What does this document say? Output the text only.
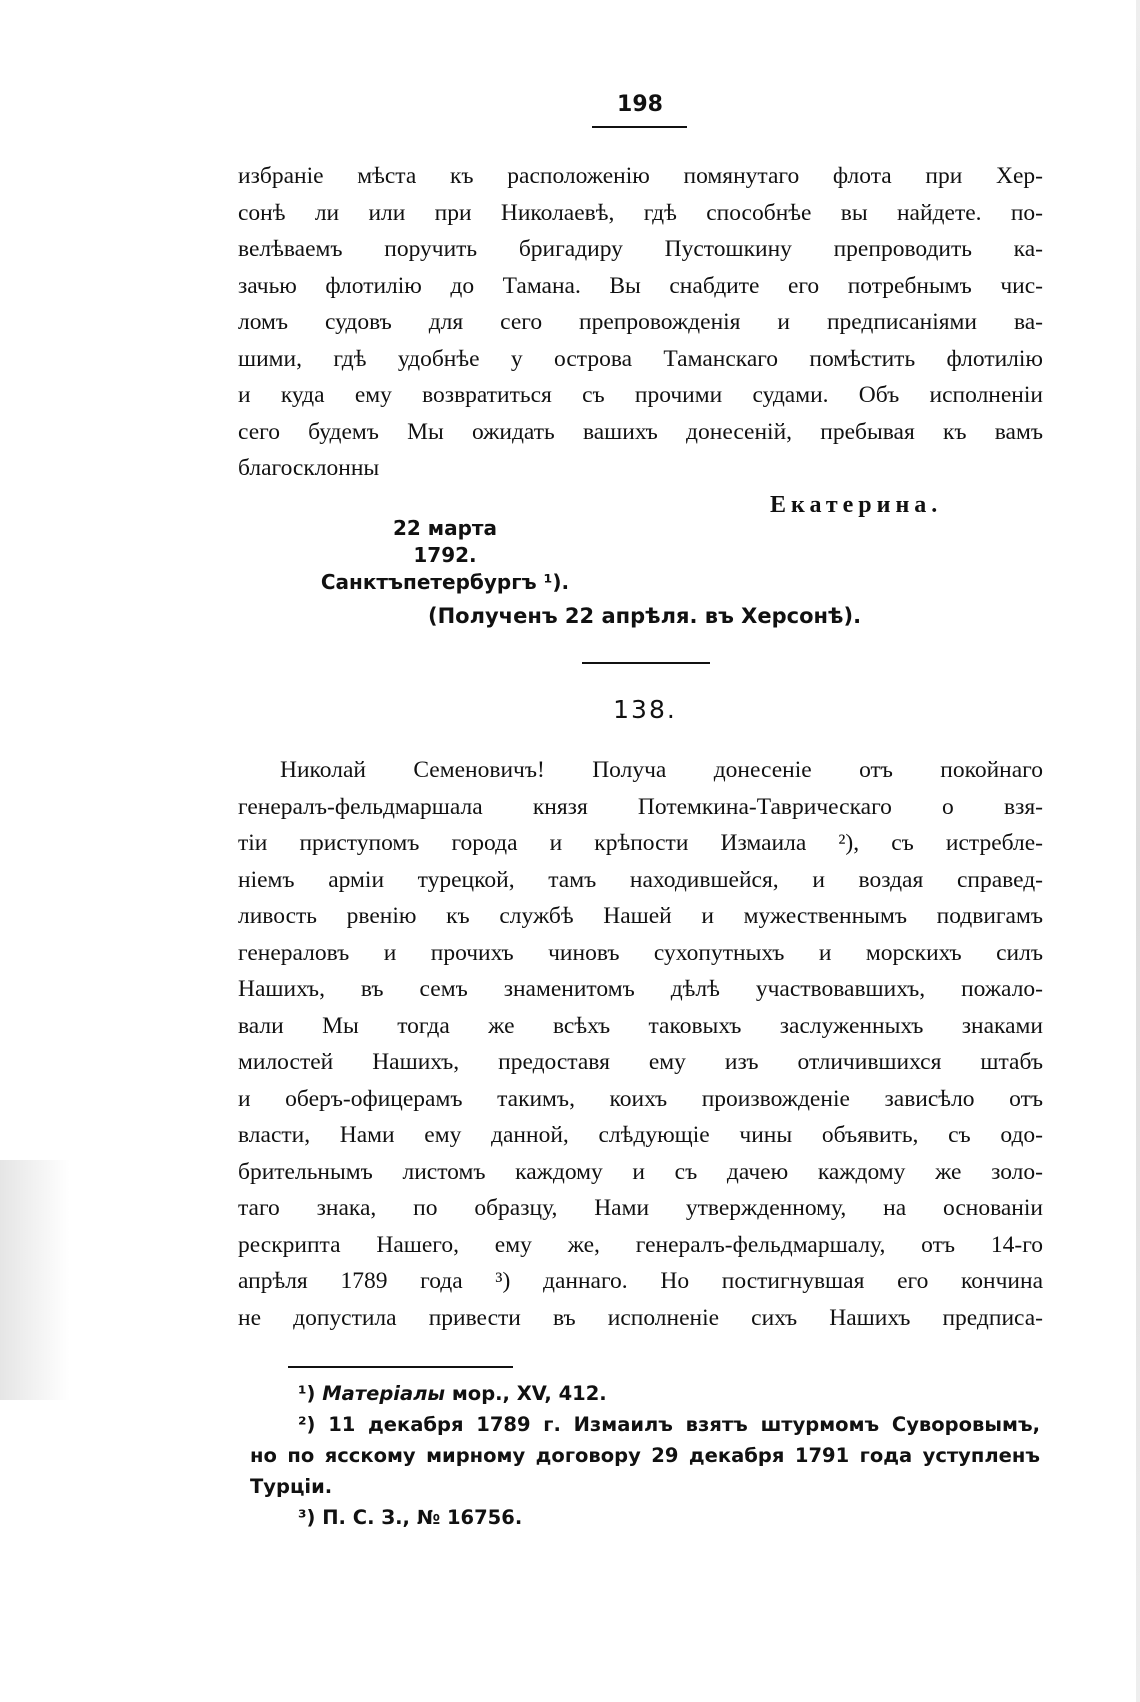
198
избраніе мѣста къ расположенію помянутаго флота при Хер-
сонѣ ли или при Николаевѣ, гдѣ способнѣе вы найдете. по-
велѣваемъ поручить бригадиру Пустошкину препроводить ка-
зачью флотилію до Тамана. Вы снабдите его потребнымъ чис-
ломъ судовъ для сего препровожденія и предписаніями ва-
шими, гдѣ удобнѣе у острова Таманскаго помѣстить флотилію
и куда ему возвратиться съ прочими судами. Объ исполненіи
сего будемъ Мы ожидать вашихъ донесеній, пребывая къ вамъ
благосклонны
Екатерина.
22 марта
1792.
Санктъпетербургъ ¹).
(Полученъ 22 апрѣля. въ Херсонѣ).
138.
Николай Семеновичъ! Получа донесеніе отъ покойнаго
генералъ-фельдмаршала князя Потемкина-Таврическаго о взя-
тіи приступомъ города и крѣпости Измаила ²), съ истребле-
ніемъ арміи турецкой, тамъ находившейся, и воздая справед-
ливость рвенію къ службѣ Нашей и мужественнымъ подвигамъ
генераловъ и прочихъ чиновъ сухопутныхъ и морскихъ силъ
Нашихъ, въ семъ знаменитомъ дѣлѣ участвовавшихъ, пожало-
вали Мы тогда же всѣхъ таковыхъ заслуженныхъ знаками
милостей Нашихъ, предоставя ему изъ отличившихся штабъ
и оберъ-офицерамъ такимъ, коихъ произвожденіе зависѣло отъ
власти, Нами ему данной, слѣдующіе чины объявить, съ одо-
брительнымъ листомъ каждому и съ дачею каждому же золо-
таго знака, по образцу, Нами утвержденному, на основаніи
рескрипта Нашего, ему же, генералъ-фельдмаршалу, отъ 14-го
апрѣля 1789 года ³) даннаго. Но постигнувшая его кончина
не допустила привести въ исполненіе сихъ Нашихъ предписа-
¹) Матеріалы мор., XV, 412.
²) 11 декабря 1789 г. Измаилъ взятъ штурмомъ Суворовымъ,
но по ясскому мирному договору 29 декабря 1791 года уступленъ
Турціи.
³) П. С. З., № 16756.
